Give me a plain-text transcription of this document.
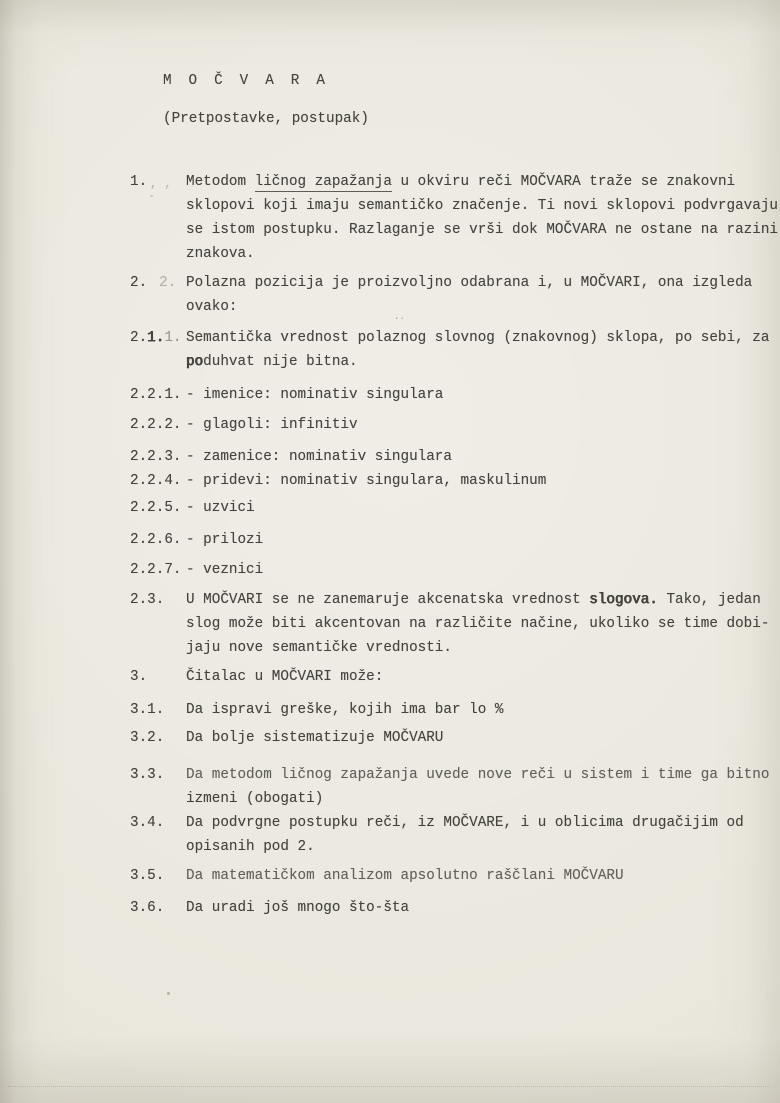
M O Č V A R A
(Pretpostavke, postupak)
1. , ,
-
Metodom ličnog zapažanja u okviru reči MOČVARA traže se znakovni
sklopovi koji imaju semantičko značenje. Ti novi sklopovi podvrgavaju
se istom postupku. Razlaganje se vrši dok MOČVARA ne ostane na razini
znakova.
2. 2. Polazna pozicija je proizvoljno odabrana i, u MOČVARI, ona izgleda
ovako:
2.1.1. Semantička vrednost polaznog slovnog (znakovnog) sklopa, po sebi, za
poduhvat nije bitna.
2.2.1. - imenice: nominativ singulara
2.2.2. - glagoli: infinitiv
2.2.3. - zamenice: nominativ singulara
2.2.4. - pridevi: nominativ singulara, maskulinum
2.2.5. - uzvici
2.2.6. - prilozi
2.2.7. - veznici
2.3.	U MOČVARI se ne zanemaruje akcenatska vrednost slogova. Tako, jedan
slog može biti akcentovan na različite načine, ukoliko se time dobi-
jaju nove semantičke vrednosti.
3.	Čitalac u MOČVARI može:
3.1.	Da ispravi greške, kojih ima bar lo %
3.2.	Da bolje sistematizuje MOČVARU
3.3.	Da metodom ličnog zapažanja uvede nove reči u sistem i time ga bitno
izmeni (obogati)
3.4.	Da podvrgne postupku reči, iz MOČVARE, i u oblicima drugačijim od
opisanih pod 2.
3.5.	Da matematičkom analizom apsolutno raščlani MOČVARU
3.6.	Da uradi još mnogo što-šta
··
